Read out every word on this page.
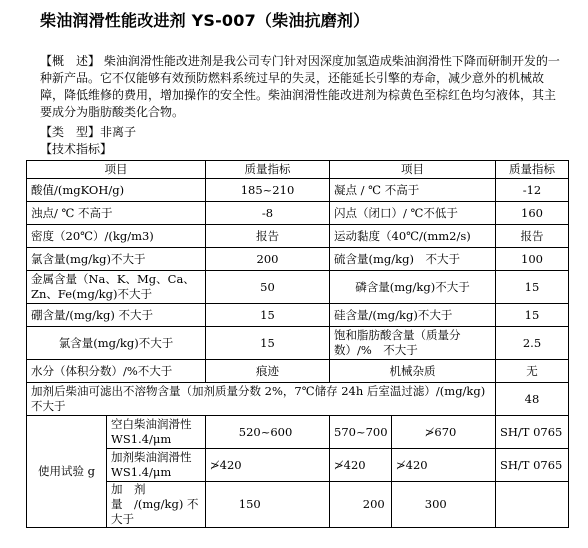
柴油润滑性能改进剂 YS-007（柴油抗磨剂）
【概　述】 柴油润滑性能改进剂是我公司专门针对因深度加氢造成柴油润滑性下降而研制开发的一种新产品。它不仅能够有效预防燃料系统过早的失灵，还能延长引擎的寿命，减少意外的机械故障，降低维修的费用，增加操作的安全性。柴油润滑性能改进剂为棕黄色至棕红色均匀液体，其主要成分为脂肪酸类化合物。
【类　型】非离子
【技术指标】
项目		质量指标	项目		质量指标
酸值/(mgKOH/g)		185~210	凝点 / ℃ 不高于		-12
浊点/ ℃ 不高于		-8	闪点（闭口）/ ℃不低于		160
密度（20℃）/(kg/m3)		报告	运动黏度（40℃/(mm2/s)		报告
氯含量(mg/kg)不大于		200	硫含量(mg/kg)　不大于		100
金属含量（Na、K、Mg、Ca、Zn、Fe(mg/kg)不大于		50	磷含量(mg/kg)不大于		15
硼含量/(mg/kg) 不大于		15	硅含量/(mg/kg)不大于		15
氯含量(mg/kg)不大于		15	饱和脂肪酸含量（质量分数）/%　不大于		2.5
水分（体积分数）/%不大于		痕迹	机械杂质		无
加剂后柴油可滤出不溶物含量（加剂质量分数 2%，7℃储存 24h 后室温过滤）/(mg/kg) 不大于					48
使用试验 g	空白柴油润滑性 WS1.4/μm	520~600	570~700	≯670	SH/T 0765
	加剂柴油润滑性 WS1.4/μm	≯420	≯420	≯420	SH/T 0765
	加　剂　量　/(mg/kg) 不大于	150	200	300	
